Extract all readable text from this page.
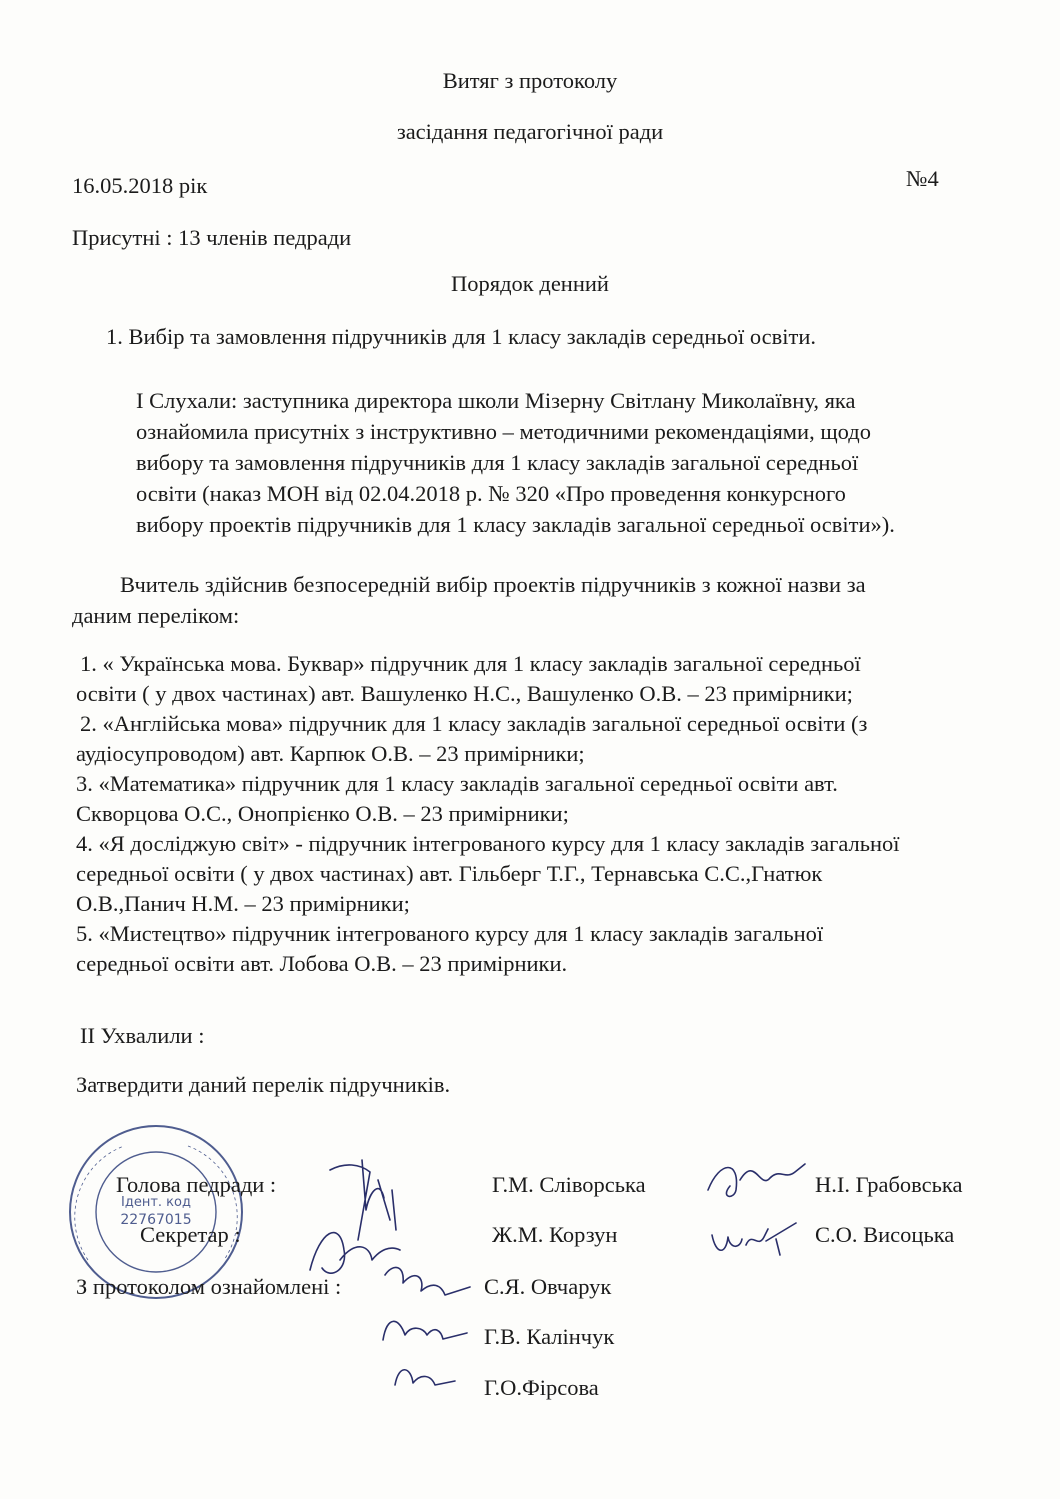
Витяг з протоколу
засідання педагогічної ради
16.05.2018 рік	№4
Присутні : 13 членів педради
Порядок денний
1. Вибір та замовлення підручників для 1 класу закладів середньої освіти.
І Слухали: заступника директора школи Мізерну Світлану Миколаївну, яка
ознайомила присутніх з інструктивно – методичними рекомендаціями, щодо
вибору та замовлення підручників для 1 класу закладів загальної середньої
освіти (наказ МОН від 02.04.2018 р. № 320 «Про проведення конкурсного
вибору проектів підручників для 1 класу закладів загальної середньої освіти»).
Вчитель здійснив безпосередній вибір проектів підручників з кожної назви за
даним переліком:
1. « Українська мова. Буквар» підручник для 1 класу закладів загальної середньої
освіти ( у двох частинах) авт. Вашуленко Н.С., Вашуленко О.В. – 23 примірники;
2. «Англійська мова» підручник для 1 класу закладів загальної середньої освіти (з
аудіосупроводом) авт. Карпюк О.В. – 23 примірники;
3. «Математика» підручник для 1 класу закладів загальної середньої освіти авт.
Скворцова О.С., Онопрієнко О.В. – 23 примірники;
4. «Я досліджую світ» - підручник інтегрованого курсу для 1 класу закладів загальної
середньої освіти ( у двох частинах) авт. Гільберг Т.Г., Тернавська С.С.,Гнатюк
О.В.,Панич Н.М. – 23 примірники;
5. «Мистецтво» підручник інтегрованого курсу для 1 класу закладів загальної
середньої освіти авт. Лобова О.В. – 23 примірники.
ІІ Ухвалили :
Затвердити даний перелік підручників.
Ідент. код
22767015
Голова педради :	Г.М. Сліворська	Н.І. Грабовська
Секретар :	Ж.М. Корзун	С.О. Висоцька
З протоколом ознайомлені :	С.Я. Овчарук
Г.В. Калінчук
Г.О.Фірсова
